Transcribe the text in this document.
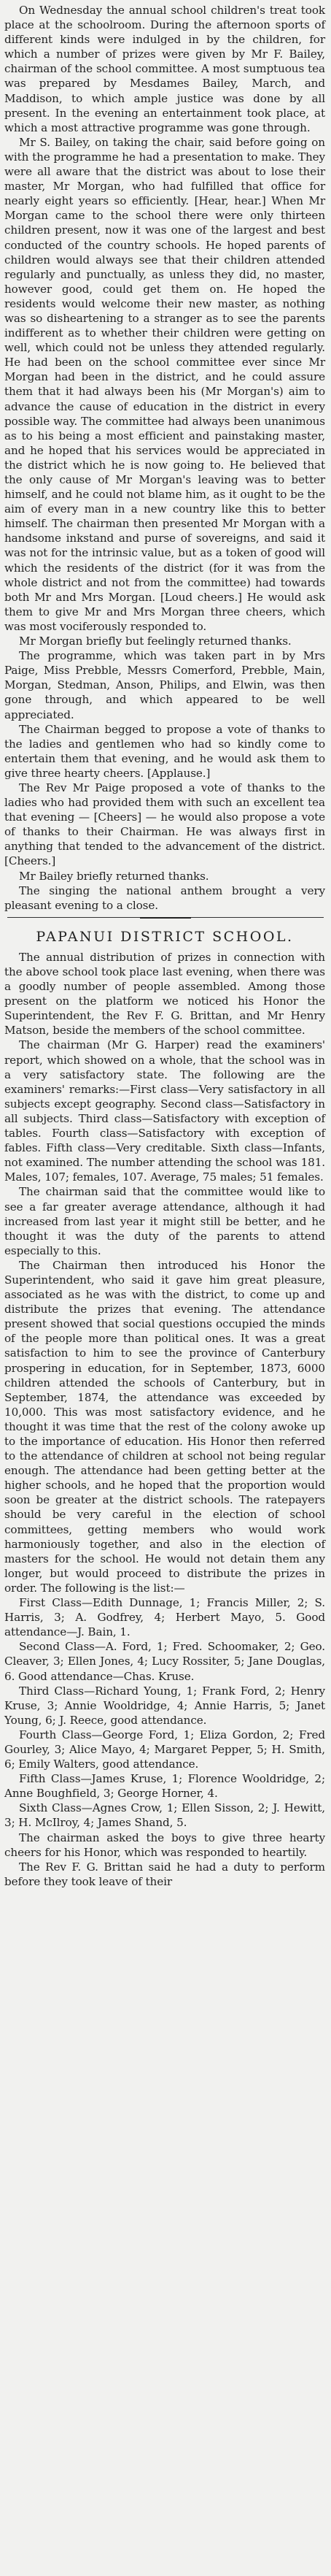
On Wednesday the annual school children's treat took place at the schoolroom. During the afternoon sports of different kinds were indulged in by the children, for which a number of prizes were given by Mr F. Bailey, chairman of the school committee. A most sumptuous tea was prepared by Mesdames Bailey, March, and Maddison, to which ample justice was done by all present. In the evening an entertainment took place, at which a most attractive programme was gone through.

Mr S. Bailey, on taking the chair, said before going on with the programme he had a presentation to make. They were all aware that the district was about to lose their master, Mr Morgan, who had fulfilled that office for nearly eight years so efficiently. [Hear, hear.] When Mr Morgan came to the school there were only thirteen children present, now it was one of the largest and best conducted of the country schools. He hoped parents of children would always see that their children attended regularly and punctually, as unless they did, no master, however good, could get them on. He hoped the residents would welcome their new master, as nothing was so disheartening to a stranger as to see the parents indifferent as to whether their children were getting on well, which could not be unless they attended regularly. He had been on the school committee ever since Mr Morgan had been in the district, and he could assure them that it had always been his (Mr Morgan's) aim to advance the cause of education in the district in every possible way. The committee had always been unanimous as to his being a most efficient and painstaking master, and he hoped that his services would be appreciated in the district which he is now going to. He believed that the only cause of Mr Morgan's leaving was to better himself, and he could not blame him, as it ought to be the aim of every man in a new country like this to better himself. The chairman then presented Mr Morgan with a handsome inkstand and purse of sovereigns, and said it was not for the intrinsic value, but as a token of good will which the residents of the district (for it was from the whole district and not from the committee) had towards both Mr and Mrs Morgan. [Loud cheers.] He would ask them to give Mr and Mrs Morgan three cheers, which was most vociferously responded to.

Mr Morgan briefly but feelingly returned thanks.

The programme, which was taken part in by Mrs Paige, Miss Prebble, Messrs Comerford, Prebble, Main, Morgan, Stedman, Anson, Philips, and Elwin, was then gone through, and which appeared to be well appreciated.

The Chairman begged to propose a vote of thanks to the ladies and gentlemen who had so kindly come to entertain them that evening, and he would ask them to give three hearty cheers. [Applause.]

The Rev Mr Paige proposed a vote of thanks to the ladies who had provided them with such an excellent tea that evening — [Cheers] — he would also propose a vote of thanks to their Chairman. He was always first in anything that tended to the advancement of the district. [Cheers.]

Mr Bailey briefly returned thanks.

The singing the national anthem brought a very pleasant evening to a close.

PAPANUI DISTRICT SCHOOL.

The annual distribution of prizes in connection with the above school took place last evening, when there was a goodly number of people assembled. Among those present on the platform we noticed his Honor the Superintendent, the Rev F. G. Brittan, and Mr Henry Matson, beside the members of the school committee.

The chairman (Mr G. Harper) read the examiners' report, which showed on a whole, that the school was in a very satisfactory state. The following are the examiners' remarks:—First class—Very satisfactory in all subjects except geography. Second class—Satisfactory in all subjects. Third class—Satisfactory with exception of tables. Fourth class—Satisfactory with exception of fables. Fifth class—Very creditable. Sixth class—Infants, not examined. The number attending the school was 181. Males, 107; females, 107. Average, 75 males; 51 females.

The chairman said that the committee would like to see a far greater average attendance, although it had increased from last year it might still be better, and he thought it was the duty of the parents to attend especially to this.

The Chairman then introduced his Honor the Superintendent, who said it gave him great pleasure, associated as he was with the district, to come up and distribute the prizes that evening. The attendance present showed that social questions occupied the minds of the people more than political ones. It was a great satisfaction to him to see the province of Canterbury prospering in education, for in September, 1873, 6000 children attended the schools of Canterbury, but in September, 1874, the attendance was exceeded by 10,000. This was most satisfactory evidence, and he thought it was time that the rest of the colony awoke up to the importance of education. His Honor then referred to the attendance of children at school not being regular enough. The attendance had been getting better at the higher schools, and he hoped that the proportion would soon be greater at the district schools. The ratepayers should be very careful in the election of school committees, getting members who would work harmoniously together, and also in the election of masters for the school. He would not detain them any longer, but would proceed to distribute the prizes in order. The following is the list:—

First Class—Edith Dunnage, 1; Francis Miller, 2; S. Harris, 3; A. Godfrey, 4; Herbert Mayo, 5. Good attendance—J. Bain, 1.

Second Class—A. Ford, 1; Fred. Schoomaker, 2; Geo. Cleaver, 3; Ellen Jones, 4; Lucy Rossiter, 5; Jane Douglas, 6. Good attendance—Chas. Kruse.

Third Class—Richard Young, 1; Frank Ford, 2; Henry Kruse, 3; Annie Wooldridge, 4; Annie Harris, 5; Janet Young, 6; J. Reece, good attendance.

Fourth Class—George Ford, 1; Eliza Gordon, 2; Fred Gourley, 3; Alice Mayo, 4; Margaret Pepper, 5; H. Smith, 6; Emily Walters, good attendance.

Fifth Class—James Kruse, 1; Florence Wooldridge, 2; Anne Boughfield, 3; George Horner, 4.

Sixth Class—Agnes Crow, 1; Ellen Sisson, 2; J. Hewitt, 3; H. McIlroy, 4; James Shand, 5.

The chairman asked the boys to give three hearty cheers for his Honor, which was responded to heartily.

The Rev F. G. Brittan said he had a duty to perform before they took leave of their
